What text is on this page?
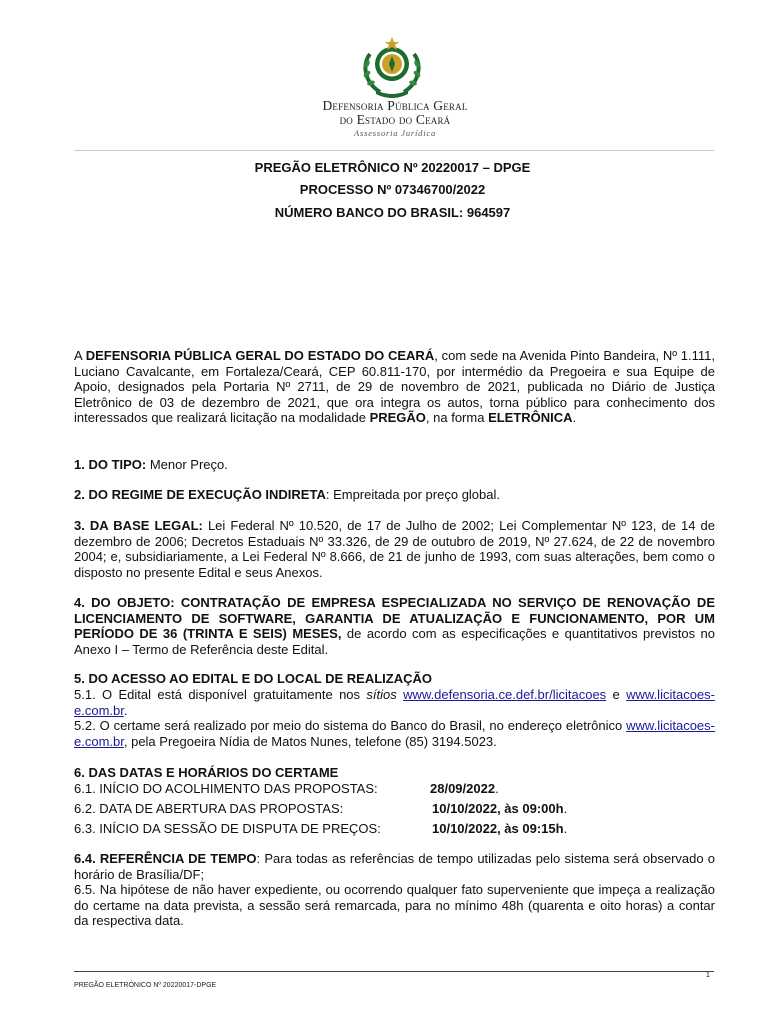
Defensoria Pública Geral
do Estado do Ceará
Assessoria Jurídica
PREGÃO ELETRÔNICO Nº 20220017 – DPGE
PROCESSO Nº 07346700/2022
NÚMERO BANCO DO BRASIL: 964597
A DEFENSORIA PÚBLICA GERAL DO ESTADO DO CEARÁ, com sede na Avenida Pinto Bandeira, Nº 1.111, Luciano Cavalcante, em Fortaleza/Ceará, CEP 60.811-170, por intermédio da Pregoeira e sua Equipe de Apoio, designados pela Portaria Nº 2711, de 29 de novembro de 2021, publicada no Diário de Justiça Eletrônico de 03 de dezembro de 2021, que ora integra os autos, torna público para conhecimento dos interessados que realizará licitação na modalidade PREGÃO, na forma ELETRÔNICA.
1. DO TIPO: Menor Preço.
2. DO REGIME DE EXECUÇÃO INDIRETA: Empreitada por preço global.
3. DA BASE LEGAL: Lei Federal Nº 10.520, de 17 de Julho de 2002; Lei Complementar Nº 123, de 14 de dezembro de 2006; Decretos Estaduais Nº 33.326, de 29 de outubro de 2019, Nº 27.624, de 22 de novembro 2004; e, subsidiariamente, a Lei Federal Nº 8.666, de 21 de junho de 1993, com suas alterações, bem como o disposto no presente Edital e seus Anexos.
4. DO OBJETO: CONTRATAÇÃO DE EMPRESA ESPECIALIZADA NO SERVIÇO DE RENOVAÇÃO DE LICENCIAMENTO DE SOFTWARE, GARANTIA DE ATUALIZAÇÃO E FUNCIONAMENTO, POR UM PERÍODO DE 36 (TRINTA E SEIS) MESES, de acordo com as especificações e quantitativos previstos no Anexo I – Termo de Referência deste Edital.
5. DO ACESSO AO EDITAL E DO LOCAL DE REALIZAÇÃO
5.1. O Edital está disponível gratuitamente nos sítios www.defensoria.ce.def.br/licitacoes e www.licitacoes-e.com.br.
5.2. O certame será realizado por meio do sistema do Banco do Brasil, no endereço eletrônico www.licitacoes-e.com.br, pela Pregoeira Nídia de Matos Nunes, telefone (85) 3194.5023.
6. DAS DATAS E HORÁRIOS DO CERTAME
6.1. INÍCIO DO ACOLHIMENTO DAS PROPOSTAS:	28/09/2022.
6.2. DATA DE ABERTURA DAS PROPOSTAS:	10/10/2022, às 09:00h.
6.3. INÍCIO DA SESSÃO DE DISPUTA DE PREÇOS:	10/10/2022, às 09:15h.
6.4. REFERÊNCIA DE TEMPO: Para todas as referências de tempo utilizadas pelo sistema será observado o horário de Brasília/DF;
6.5. Na hipótese de não haver expediente, ou ocorrendo qualquer fato superveniente que impeça a realização do certame na data prevista, a sessão será remarcada, para no mínimo 48h (quarenta e oito horas) a contar da respectiva data.
1
PREGÃO ELETRÔNICO Nº 20220017-DPGE
